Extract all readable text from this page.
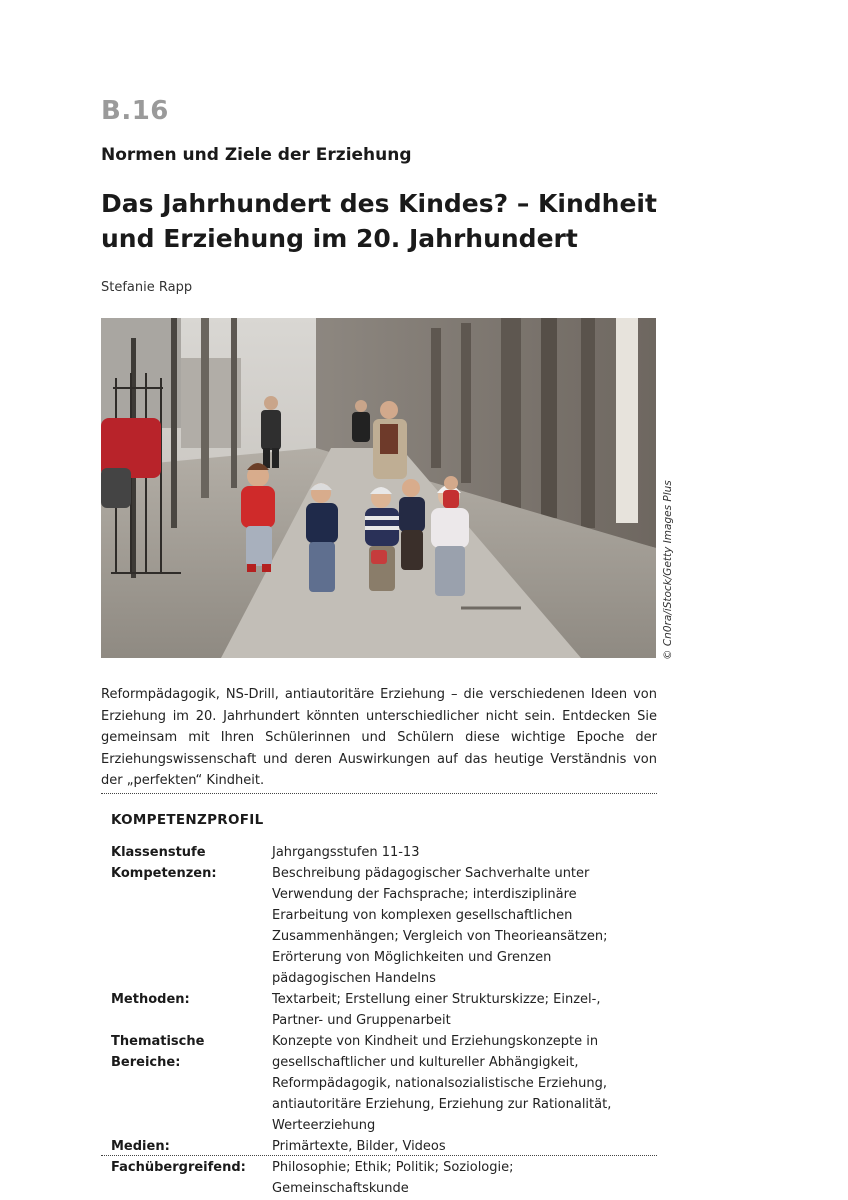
B.16
Normen und Ziele der Erziehung
Das Jahrhundert des Kindes? – Kindheit
und Erziehung im 20. Jahrhundert
Stefanie Rapp
© Cn0ra/iStock/Getty Images Plus

Reformpädagogik, NS-Drill, antiautoritäre Erziehung – die verschiedenen Ideen von Erziehung im 20. Jahrhundert könnten unterschiedlicher nicht sein. Entdecken Sie gemeinsam mit Ihren Schülerinnen und Schülern diese wichtige Epoche der Erziehungswissenschaft und deren Auswirkungen auf das heutige Verständnis von der „perfekten“ Kindheit.

KOMPETENZPROFIL
Klassenstufe	Jahrgangsstufen 11-13
Kompetenzen:	Beschreibung pädagogischer Sachverhalte unter Verwendung der Fachsprache; interdisziplinäre Erarbeitung von komplexen gesellschaftlichen Zusammenhängen; Vergleich von Theorieansätzen; Erörterung von Möglichkeiten und Grenzen pädagogischen Handelns
Methoden:	Textarbeit; Erstellung einer Strukturskizze; Einzel-, Partner- und Gruppenarbeit
Thematische Bereiche:
Konzepte von Kindheit und Erziehungskonzepte in gesellschaftlicher und kultureller Abhängigkeit, Reformpädagogik, nationalsozialistische Erziehung, antiautoritäre Erziehung, Erziehung zur Rationalität, Werteerziehung
Medien:	Primärtexte, Bilder, Videos
Fachübergreifend:	Philosophie; Ethik; Politik; Soziologie; Gemeinschaftskunde
